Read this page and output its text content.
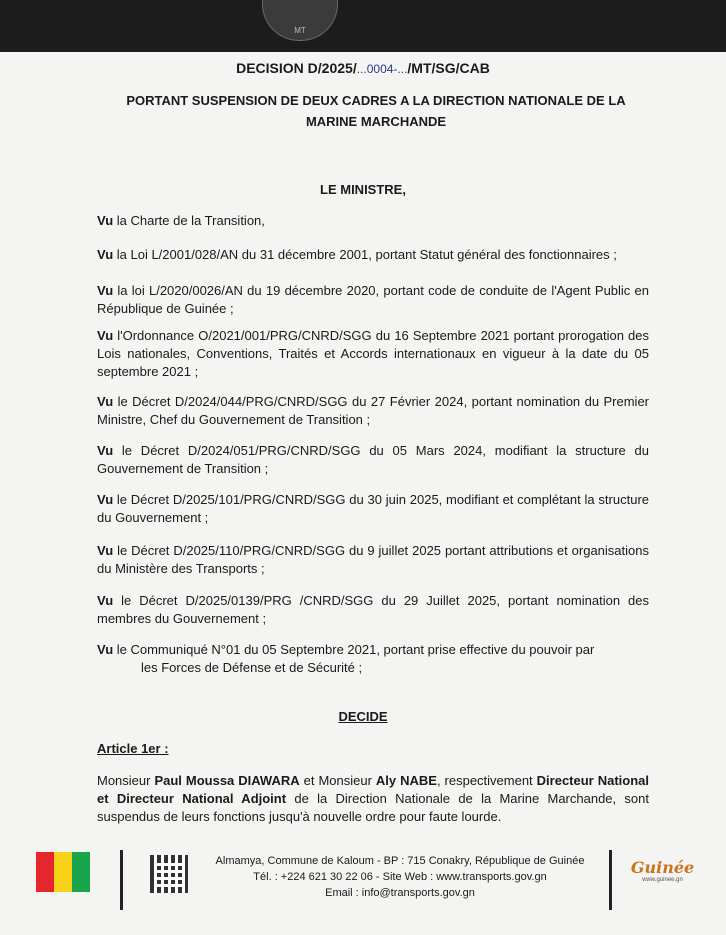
MT
DECISION D/2025/...0004-.../MT/SG/CAB
PORTANT SUSPENSION DE DEUX CADRES A LA DIRECTION NATIONALE DE LA
MARINE MARCHANDE
LE MINISTRE,
Vu la Charte de la Transition,
Vu la Loi L/2001/028/AN du 31 décembre 2001, portant Statut général des fonctionnaires ;
Vu la loi L/2020/0026/AN du 19 décembre 2020, portant code de conduite de l'Agent Public en République de Guinée ;
Vu l'Ordonnance O/2021/001/PRG/CNRD/SGG du 16 Septembre 2021 portant prorogation des Lois nationales, Conventions, Traités et Accords internationaux en vigueur à la date du 05 septembre 2021 ;
Vu le Décret D/2024/044/PRG/CNRD/SGG du 27 Février 2024, portant nomination du Premier Ministre, Chef du Gouvernement de Transition ;
Vu le Décret D/2024/051/PRG/CNRD/SGG du 05 Mars 2024, modifiant la structure du Gouvernement de Transition ;
Vu le Décret D/2025/101/PRG/CNRD/SGG du 30 juin 2025, modifiant et complétant la structure du Gouvernement ;
Vu le Décret D/2025/110/PRG/CNRD/SGG du 9 juillet 2025 portant attributions et organisations du Ministère des Transports ;
Vu le Décret D/2025/0139/PRG /CNRD/SGG du 29 Juillet 2025, portant nomination des membres du Gouvernement ;
Vu le Communiqué N°01 du 05 Septembre 2021, portant prise effective du pouvoir par
les Forces de Défense et de Sécurité ;
DECIDE
Article 1er :
Monsieur Paul Moussa DIAWARA et Monsieur Aly NABE, respectivement Directeur National et Directeur National Adjoint de la Direction Nationale de la Marine Marchande, sont suspendus de leurs fonctions jusqu'à nouvelle ordre pour faute lourde.
Almamya, Commune de Kaloum - BP : 715 Conakry, République de Guinée
Tél. : +224 621 30 22 06 - Site Web : www.transports.gov.gn
Email : info@transports.gov.gn
Guinée
www.guinee.gn
